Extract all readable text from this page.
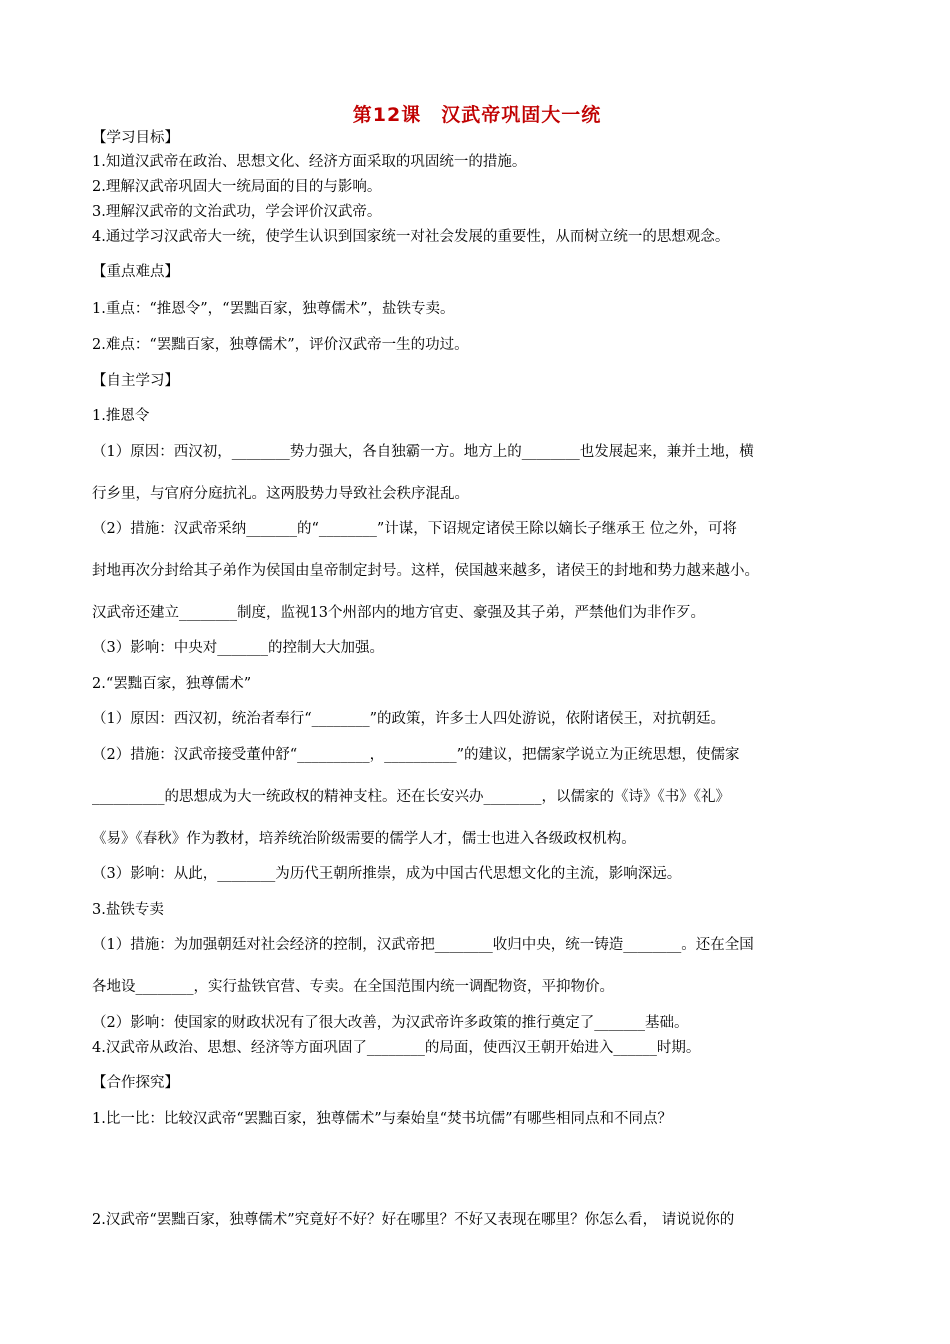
第12课　汉武帝巩固大一统
【学习目标】
1.知道汉武帝在政治、思想文化、经济方面采取的巩固统一的措施。
2.理解汉武帝巩固大一统局面的目的与影响。
3.理解汉武帝的文治武功，学会评价汉武帝。
4.通过学习汉武帝大一统，使学生认识到国家统一对社会发展的重要性，从而树立统一的思想观念。
【重点难点】
1.重点：“推恩令”，“罢黜百家，独尊儒术”，盐铁专卖。
2.难点：“罢黜百家，独尊儒术”，评价汉武帝一生的功过。
【自主学习】
1.推恩令
（1）原因：西汉初，________势力强大，各自独霸一方。地方上的________也发展起来，兼并土地，横
行乡里，与官府分庭抗礼。这两股势力导致社会秩序混乱。
（2）措施：汉武帝采纳_______的“________”计谋，下诏规定诸侯王除以嫡长子继承王 位之外，可将
封地再次分封给其子弟作为侯国由皇帝制定封号。这样，侯国越来越多，诸侯王的封地和势力越来越小。
汉武帝还建立________制度，监视13个州部内的地方官吏、豪强及其子弟，严禁他们为非作歹。
（3）影响：中央对_______的控制大大加强。
2.“罢黜百家，独尊儒术”
（1）原因：西汉初，统治者奉行“________”的政策，许多士人四处游说，依附诸侯王，对抗朝廷。
（2）措施：汉武帝接受董仲舒“__________，__________”的建议，把儒家学说立为正统思想，使儒家
__________的思想成为大一统政权的精神支柱。还在长安兴办________，以儒家的《诗》《书》《礼》
《易》《春秋》作为教材，培养统治阶级需要的儒学人才，儒士也进入各级政权机构。
（3）影响：从此，________为历代王朝所推崇，成为中国古代思想文化的主流，影响深远。
3.盐铁专卖
（1）措施：为加强朝廷对社会经济的控制，汉武帝把________收归中央，统一铸造________。还在全国
各地设________，实行盐铁官营、专卖。在全国范围内统一调配物资，平抑物价。
（2）影响：使国家的财政状况有了很大改善，为汉武帝许多政策的推行奠定了_______基础。
4.汉武帝从政治、思想、经济等方面巩固了________的局面，使西汉王朝开始进入______时期。
【合作探究】
1.比一比：比较汉武帝“罢黜百家，独尊儒术”与秦始皇“焚书坑儒”有哪些相同点和不同点？
2.汉武帝“罢黜百家，独尊儒术”究竟好不好？好在哪里？不好又表现在哪里？你怎么看， 请说说你的
